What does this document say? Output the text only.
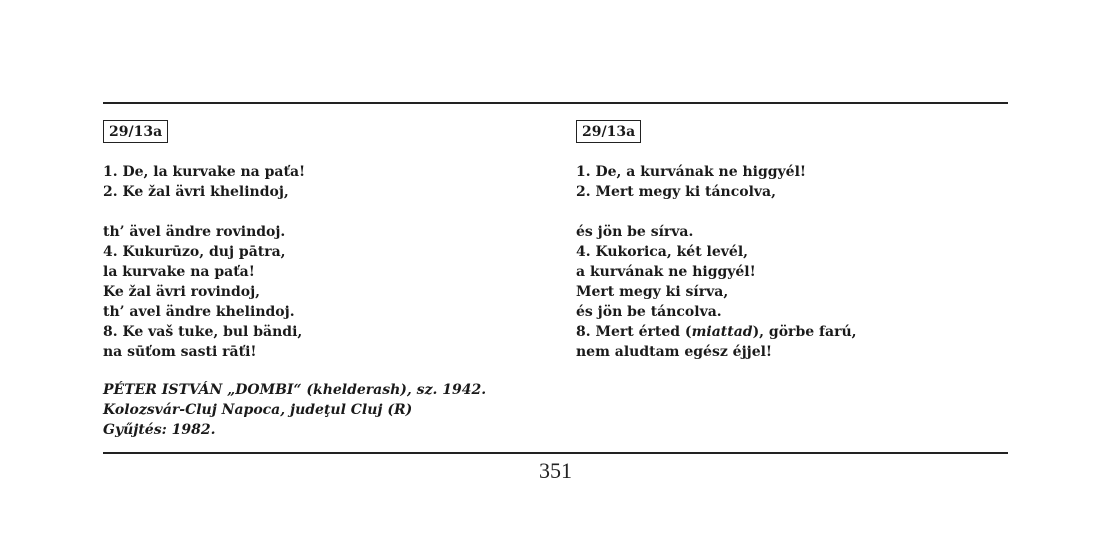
29/13a
1. De, la kurvake na paťa!
2. Ke žal ävri khelindoj,
th’ ävel ändre rovindoj.
4. Kukurūzo, duj pātra,
la kurvake na paťa!
Ke žal ävri rovindoj,
th’ avel ändre khelindoj.
8. Ke vaš tuke, bul bändi,
na sūťom sasti rāťi!
PÉTER ISTVÁN „DOMBI“ (khelderash), sz. 1942.
Kolozsvár-Cluj Napoca, judeţul Cluj (R)
Gyűjtés: 1982.
29/13a
1. De, a kurvának ne higgyél!
2. Mert megy ki táncolva,
és jön be sírva.
4. Kukorica, két levél,
a kurvának ne higgyél!
Mert megy ki sírva,
és jön be táncolva.
8. Mert érted (miattad), görbe farú,
nem aludtam egész éjjel!
351
